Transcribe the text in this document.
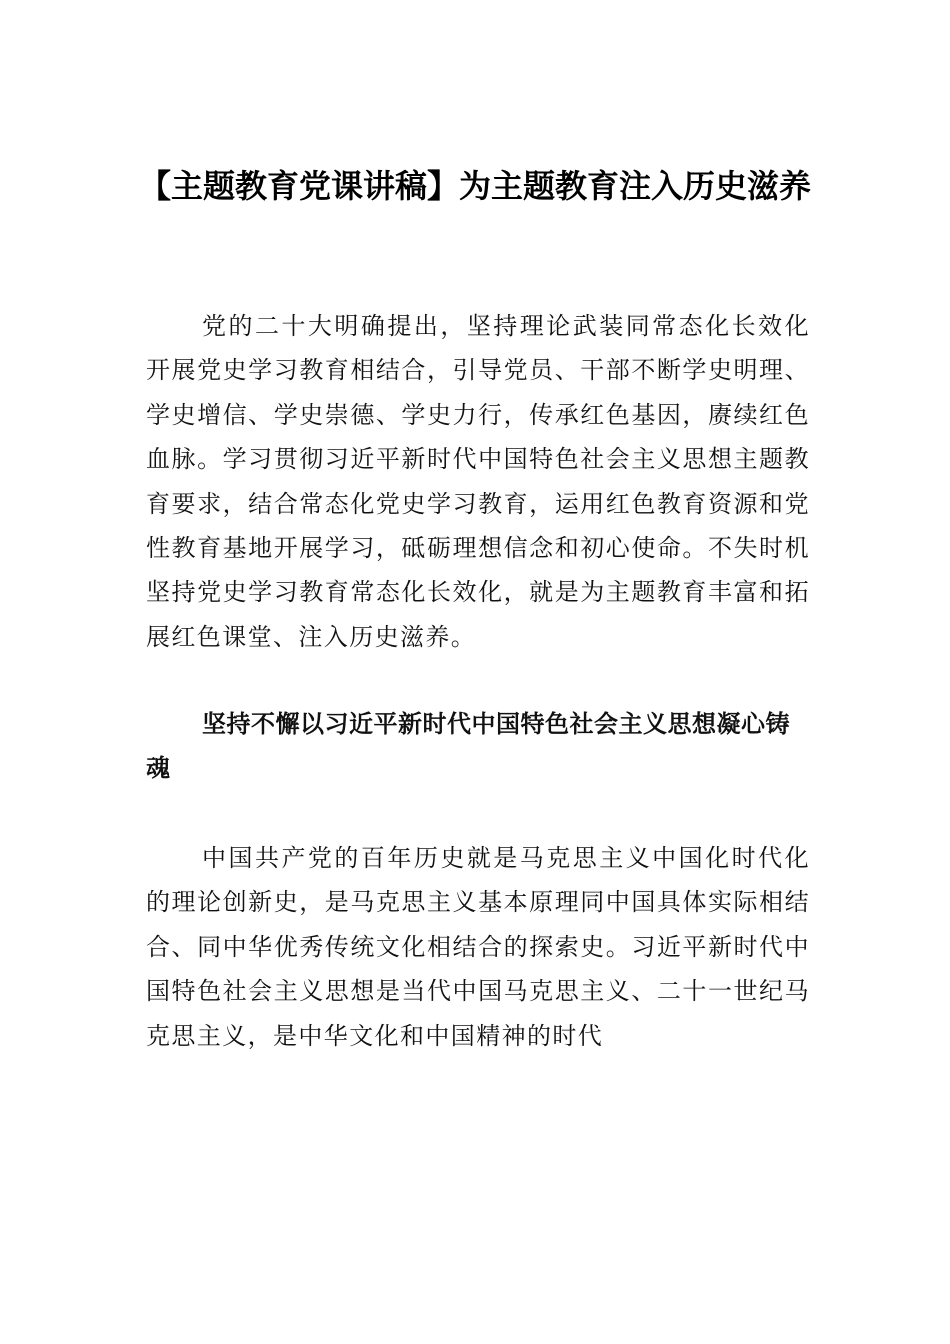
【主题教育党课讲稿】为主题教育注入历史滋养

党的二十大明确提出，坚持理论武装同常态化长效化开展党史学习教育相结合，引导党员、干部不断学史明理、学史增信、学史崇德、学史力行，传承红色基因，赓续红色血脉。学习贯彻习近平新时代中国特色社会主义思想主题教育要求，结合常态化党史学习教育，运用红色教育资源和党性教育基地开展学习，砥砺理想信念和初心使命。不失时机坚持党史学习教育常态化长效化，就是为主题教育丰富和拓展红色课堂、注入历史滋养。

坚持不懈以习近平新时代中国特色社会主义思想凝心铸魂

中国共产党的百年历史就是马克思主义中国化时代化的理论创新史，是马克思主义基本原理同中国具体实际相结合、同中华优秀传统文化相结合的探索史。习近平新时代中国特色社会主义思想是当代中国马克思主义、二十一世纪马克思主义，是中华文化和中国精神的时代
